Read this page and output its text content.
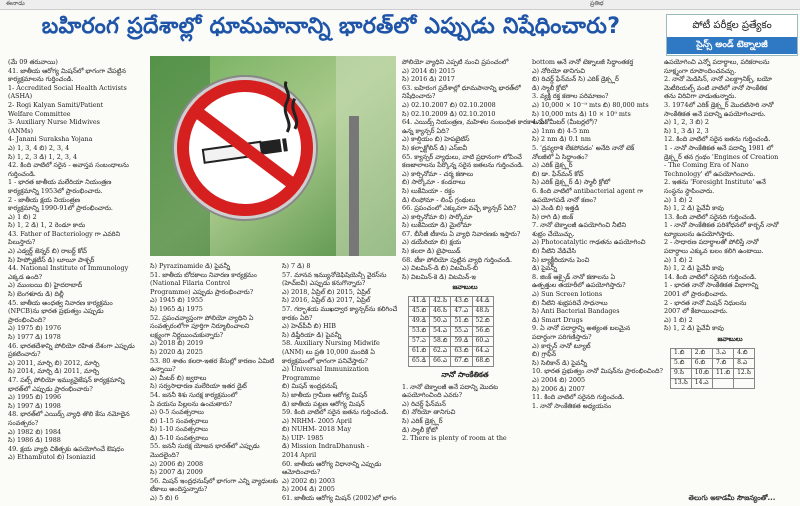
ఈనాడు	ప్రతిభ
బహిరంగ ప్రదేశాల్లో ధూమపానాన్ని భారత్‌లో ఎప్పుడు నిషేధించారు?	పోటీ పరీక్షల ప్రత్యేకం
సైన్స్ అండ్ టెక్నాలజీ

(మే 09 తరువాయి)

41. జాతీయ ఆరోగ్య మిషన్‌లో భాగంగా చేపట్టిన

కార్యక్రమాలను గుర్తించండి.

1- Accredited Social Health Activists

(ASHA)

2- Rogi Kalyan Samiti/Patient

Welfare Committee

3- Auxiliary Nurse Midwives

(ANMs)

4- Janani Suraksha Yojana

ఎ) 1, 3, 4 బి) 2, 3, 4

సి) 1, 2, 3 డి) 1, 2, 3, 4

42. కింది వాటిలో సరైన - అవాస్తవ సంబంధాలను

గుర్తించండి.

1 - భారత జాతీయ మలేరియా నియంత్రణ

కార్యక్రమాన్ని 1953లో ప్రారంభించారు.

2 - జాతీయ క్షయ నియంత్రణ

కార్యక్రమాన్ని 1990-91లో ప్రారంభించారు.

ఎ) 1 బి) 2

సి) 1, 2 డి) 1, 2 రెండూ కాదు

43. Father of Bacteriology గా ఎవరిని

పిలుస్తారు?

ఎ) ఎడ్వర్డ్ జెన్నర్ బి) రాబర్ట్ కోచ్

సి) హిప్పోక్రటీస్ డి) లూయీ పాశ్చర్

44. National Institute of Immunology

ఎక్కడ ఉంది?

ఎ) ముంబయి బి) హైదరాబాద్

సి) బెంగళూరు డి) దిల్లీ

45. జాతీయ అంధత్వ నివారణ కార్యక్రమం

(NPCB)ను భారత ప్రభుత్వం ఎప్పుడు

ప్రారంభించింది?

ఎ) 1975 బి) 1976

సి) 1977 డి) 1978

46. భారతదేశాన్ని పోలియో రహిత దేశంగా ఎప్పుడు

ప్రకటించారు?

ఎ) 2011, మార్చి బి) 2012, మార్చి

సి) 2014, మార్చి డి) 2011, మార్చి

47. పల్స్ పోలియో ఇమ్యునైజేషన్ కార్యక్రమాన్ని

భారత్‌లో ఎప్పుడు ప్రారంభించారు?

ఎ) 1995 బి) 1996

సి) 1997 డి) 1998

48. భారత్‌లో ఎయిడ్స్ వ్యాధి తొలి కేసు నమోదైన

సంవత్సరం?

ఎ) 1982 బి) 1984

సి) 1986 డి) 1988

49. క్షయ వ్యాధి చికిత్సకు ఉపయోగించే ఔషధం

ఎ) Ethambutol బి) Isoniazid

సి) Pyrazinamide డి) పైవన్నీ

51. జాతీయ బోదకాలు నివారణ కార్యక్రమం

(National Filaria Control

Programme) ఎప్పుడు ప్రారంభించారు?

ఎ) 1945 బి) 1955

సి) 1965 డి) 1975

52. ప్రపంచవ్యాప్తంగా పోలియో వ్యాధిని ఏ

సంవత్సరంలోగా పూర్తిగా నిర్మూలించాలని

లక్ష్యంగా నిర్ణయించుకున్నారు?

ఎ) 2018 బి) 2019

సి) 2020 డి) 2025

53. 80 శాతం కలరా-ఇతర కేసుల్లో కారణం ఏమిటి

ఉన్నాయి?

ఎ) మీటర్ బి) జ్వరాలు

సి) సర్వసాధారణ మలేరియా ఇతర డైట్

54. జననీ శిశు సురక్ష కార్యక్రమంలో

ఏ వయసు పిల్లలను ఉంచుతారు?

ఎ) 0-5 సంవత్సరాలు

బి) 1-15 సంవత్సరాలు

సి) 1-10 సంవత్సరాలు

డి) 5-10 సంవత్సరాలు

55. జననీ సురక్ష యోజన భారత్‌లో ఎప్పుడు

మొదలైంది?

ఎ) 2006 బి) 2008

సి) 2007 డి) 2009

56. మిషన్ ఇంద్రధనుష్‌లో భాగంగా ఎన్ని వ్యాధులకు

టీకాలు అందిస్తున్నారు?

ఎ) 5 బి) 6

సి) 7 డి) 8

57. మానవ ఇమ్యునోడెఫిషియెన్సీ వైరస్‌ను

(హెచ్‌ఐవీ) ఎప్పుడు కనుగొన్నారు?

ఎ) 2018, ఏప్రిల్ బి) 2015, ఏప్రిల్

సి) 2016, ఏప్రిల్ డి) 2017, ఏప్రిల్

57. గర్భాశయ ముఖద్వార క్యాన్సర్‌ను కలిగించే

కారకం ఏది?

ఎ) హెచ్‌పీవీ బి) HIB

సి) డిఫ్తీరియా డి) పైవన్నీ

58. Auxiliary Nursing Midwife

(ANM) లు ప్రతి 10,000 మందికి ఏ

కార్యక్రమంలో భాగంగా పనిచేస్తారు?

ఎ) Universal Immunization

Programme

బి) మిషన్ ఇంద్రధనుష్

సి) జాతీయ గ్రామీణ ఆరోగ్య మిషన్

డి) జాతీయ పట్టణ ఆరోగ్య మిషన్

59. కింది వాటిలో సరైన జతను గుర్తించండి.

ఎ) NRHM- 2005 April

బి) NUHM- 2018 May

సి) UIP- 1985

డి) Mission IndraDhanush -

2014 April

60. జాతీయ ఆరోగ్య విధానాన్ని ఎప్పుడు

ఆమోదించారు?

ఎ) 2002 బి) 2003

సి) 2004 డి) 2005

61. జాతీయ ఆరోగ్య మిషన్ (2002)లో భాగం

పోలియో వ్యాధిని ఎప్పటి నుంచి ప్రపంచంలో

ఎ) 2014 బి) 2015

సి) 2016 డి) 2017

63. బహిరంగ ప్రదేశాల్లో ధూమపానాన్ని భారత్‌లో

నిషేధించారు?

ఎ) 02.10.2007 బి) 02.10.2008

సి) 02.10.2009 డి) 02.10.2010

64. ఎయిడ్స్ నియంత్రణ, మహిళల సంబంధిత కారకాలను

ఉన్న క్యాన్సర్ ఏది?

ఎ) కాల్షియం బి) హెపటైటిస్

సి) కల్పాక్టోలిన్ డి) ఎస్‌ఐవీ

65. క్యాన్సర్ వ్యాధులు, వాటి ప్రధానంగా లోపించే

కణజాలాలను పేర్కొన్న సరైన జతలను గుర్తించండి.

ఎ) కార్సినోమా - చర్మ కణాలు

బి) సార్కోమా - కండరాలు

సి) లుకేమియా - రక్తం

డి) లింఫోమా - లింఫ్ గ్రంథులు

66. ప్రపంచంలో ఎక్కువగా వచ్చే క్యాన్సర్ ఏది?

ఎ) కార్సినోమా బి) సార్కోమా

సి) లుకేమియా డి) మైలోమా

67. బీసీజీ టీకాను ఏ వ్యాధి నివారణకు ఇస్తారు?

ఎ) డయేరియా బి) క్షయ

సి) కలరా డి) టైఫాయిడ్

68. టీకా పోలియో పుట్టిన వ్యాధి గుర్తించండి.

ఎ) విటమిన్-డి బి) విటమిన్-బి

సి) విటమిన్-కె డి) విటమిన్-ఇ

జవాబులు
41.డి	42.సి	43.బి	44.డి
45.బి	46.సి	47.ఎ	48.సి
49.డి	50.ఎ	51.బి	52.బి
53.బి	54.ఎ	55.ఎ	56.బి
57.ఎ	58.బి	59.డి	60.ఎ
61.బి	62.ఎ	63.బి	64.ఎ
65.డి	66.ఎ	67.బి	68.బి
నానో సాంకేతికత

1. నానో టెక్నాలజీ అనే పదాన్ని మొదట

ఉపయోగించింది ఎవరు?

ఎ) రిచర్డ్ ఫేన్‌మన్

బి) నోరియో తానిగుచి

సి) ఎరిక్ డ్రెక్స్లర్

డి) స్మాలీ క్రోటో

2. There is plenty of room at the

bottom అనే నానో టెక్నాలజీ సిద్ధాంతకర్త

ఎ) నోరియో తానిగుచి

బి) రిచర్డ్ ఫేన్‌మన్ సి) ఎరిక్ డ్రెక్స్లర్

డి) స్మాలీ క్రోటో

3. వ్యక్తి రక్త కణాల పరిమాణం?

ఎ) 10,000 × 10⁻⁹ mts బి) 80,000 mts

సి) 10,000 mts డి) 10 × 10⁹ mts

4. పీకోమీటర్ (మీటర్లలో)?

ఎ) 1nm బి) 4-5 nm

సి) 2 nm డి) 0.1 nm

5. 'ద్రవ్యరాశి లేకపోవడం' అనేది నానో టెక్

నోలజీలో ఏ సిద్ధాంతం?

ఎ) ఎరిక్ డ్రెక్స్లర్

బి) డా. ఫేన్‌మన్ కోచ్

సి) ఎరిక్ డ్రెక్స్లర్ డి) స్మాలీ క్రోటో

6. కింది వాటిలో antibacterial agent గా

ఉపయోగపడే నానో కణం?

ఎ) వెండి బి) ఇత్తడి

సి) రాగి డి) జింక్

7. నానో టెక్నాలజీ ఉపయోగించి నీటిని

శుభ్రం చేయొచ్చు.

ఎ) Photocatalytic గాఢతను ఉపయోగించి

బి) నీటిని వేడిచేసి

సి) బ్యాక్టీరియాను పెంచి

డి) పైవన్నీ

8. జింక్ ఆక్సైడ్ నానో కణాలను ఏ

ఉత్పత్తుల తయారీలో ఉపయోగిస్తారు?

ఎ) Sun Screen lotions

బి) నీటిని శుభ్రపరిచే సాధనాలు

సి) Anti Bacterial Bandages

డి) Smart Drugs

9. ఏ నానో పదార్థాన్ని అత్యంత బలమైన

పదార్థంగా పరిగణిస్తారు?

ఎ) కార్బన్ నానో ట్యూబ్

బి) గ్రాఫీన్

సి) సిలికాన్ డి) పైవన్నీ

10. భారత ప్రభుత్వం నానో మిషన్‌ను ప్రారంభించింది?

ఎ) 2004 బి) 2005

సి) 2006 డి) 2007

11. కింది వాటిలో సరైనది గుర్తించండి.

1. నానో సాంకేతికత అధ్యయనం

ఉపయోగించి ఎన్నో పదార్థాలు, పరికరాలను

సూక్ష్మంగా రూపొందించవచ్చు.

2. నానో మెడిసిన్, నానో ఎలక్ట్రానిక్స్, బయో

మెటీరియల్స్ వంటి వాటిలో నానో సాంకేతిక

తను విరివిగా వాడుతున్నారు.

3. 1974లో ఎరిక్ డ్రెక్స్లర్ మొదటిసారి నానో

సాంకేతికత అనే పదాన్ని ఉపయోగించారు.

ఎ) 1, 2, 3 బి) 2

సి) 1, 3 డి) 2, 3

12. కింది వాటిలో సరైన జతను గుర్తించండి.

1 - నానో సాంకేతికత అనే పదాన్ని 1981 లో

డ్రెక్స్లర్ తన గ్రంథం 'Engines of Creation

- The Coming Era of Nano

Technology' లో ఉపయోగించారు.

2. ఇతను 'Foresight Institute' అనే

సంస్థను స్థాపించారు.

ఎ) 1 బి) 2

సి) 1, 2 డి) పైవేవీ కావు

13. కింది వాటిలో సరైనది గుర్తించండి.

1 - నానో సాంకేతికత పరిశోధనలో కార్బన్ నానో

ట్యూబులను ఉపయోగిస్తారు.

2 - సాధారణ పదార్థాలతో పోలిస్తే నానో

పదార్థాలు ఎక్కువ బలం కలిగి ఉంటాయి.

ఎ) 1 బి) 2

సి) 1, 2 డి) పైవేవీ కావు

14. కింది వాటిలో సరైనది గుర్తించండి.

1 - భారత నానో సాంకేతికత విభాగాన్ని

2001 లో ప్రారంభించారు.

2 - భారత నానో మిషన్ నిధులను

2007 లో కేటాయించారు.

ఎ) 1 బి) 2

సి) 1, 2 డి) పైవేవీ కావు

జవాబులు
1.బి	2.బి	3.ఎ	4.బి
5.బి	6.బి	7.బి	8.ఎ
9.సి	10.బి	11.బి	12.సి
13.సి	14.ఎ		
తెలుగు అకాడమీ సౌజన్యంతో...
